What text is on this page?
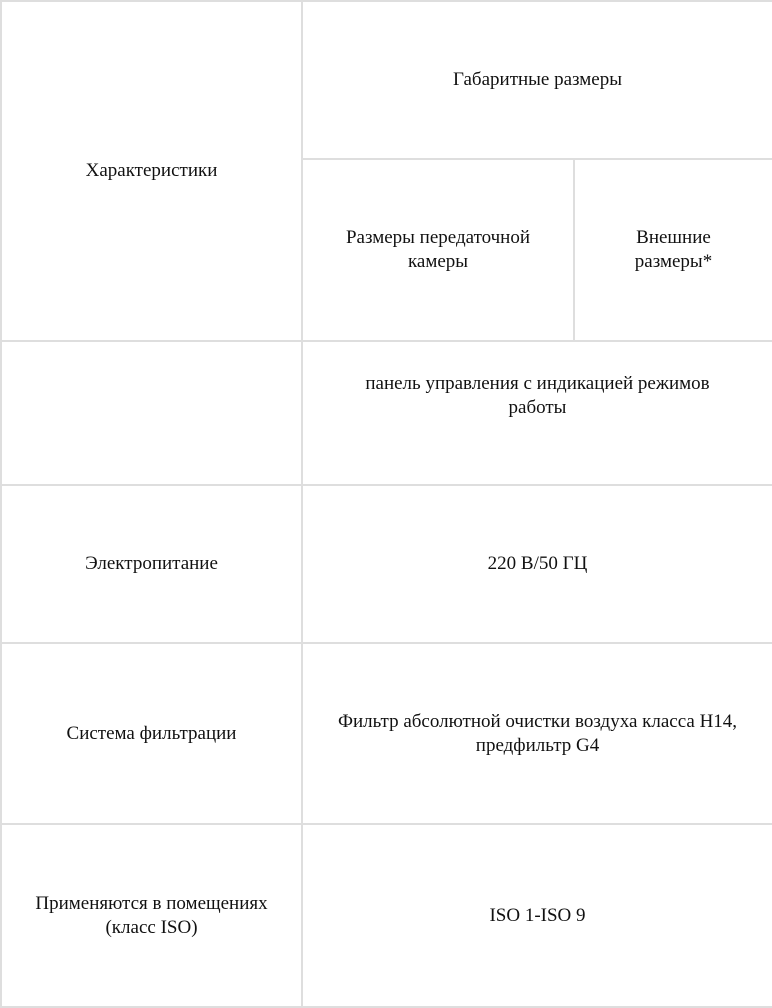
Характеристики	Габаритные размеры	
	Размеры передаточной камеры	Внешние размеры*
	панель управления с индикацией режимов работы	
Электропитание	220 В/50 ГЦ	
Система фильтрации	Фильтр абсолютной очистки воздуха класса H14, предфильтр G4	
Применяются в помещениях (класс ISO)	ISO 1-ISO 9	
